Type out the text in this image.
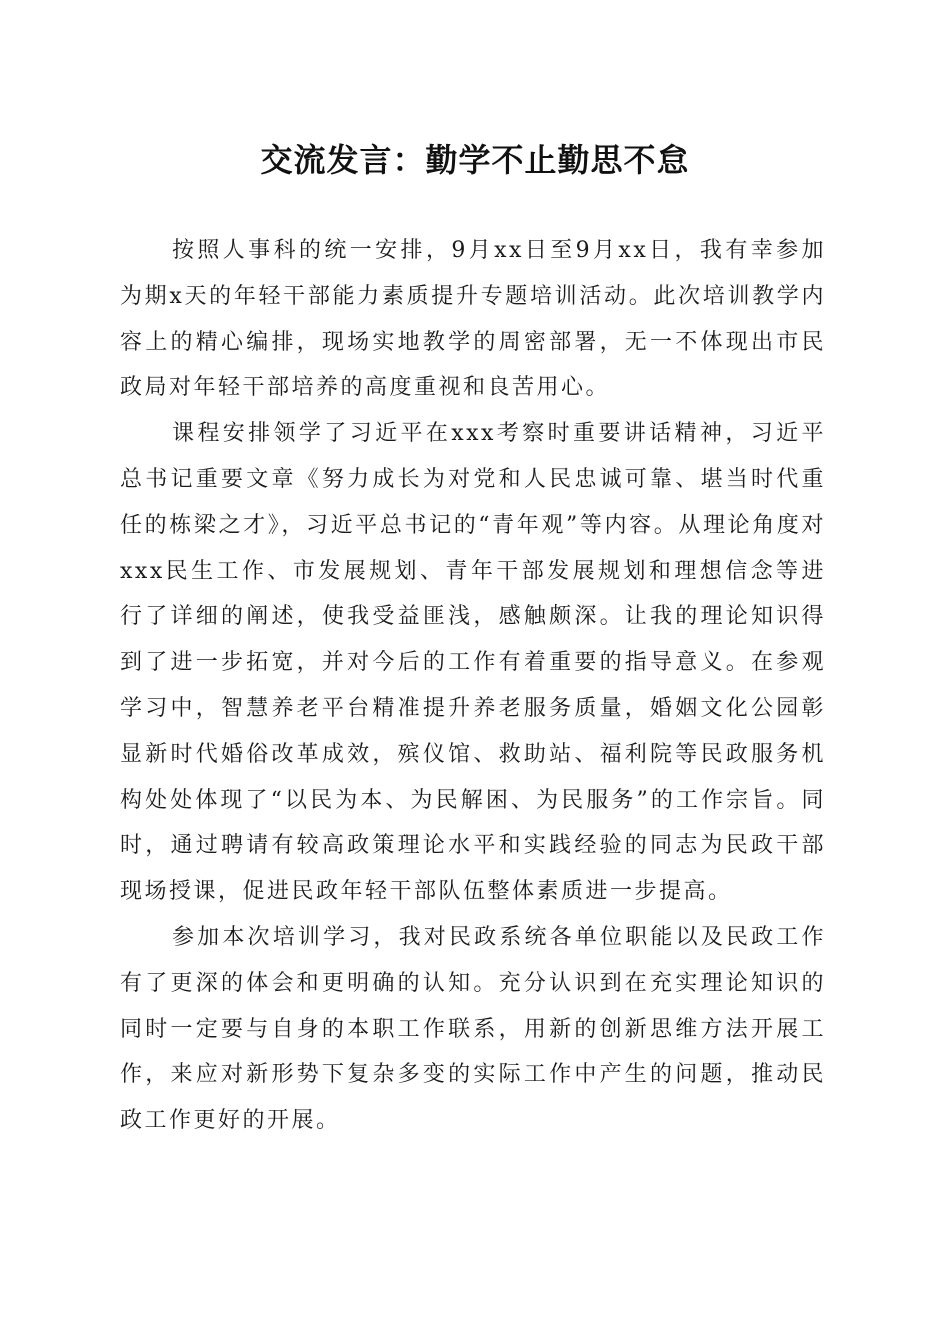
交流发言：勤学不止勤思不怠

按照人事科的统一安排，9月xx日至9月xx日，我有幸参加为期x天的年轻干部能力素质提升专题培训活动。此次培训教学内容上的精心编排，现场实地教学的周密部署，无一不体现出市民政局对年轻干部培养的高度重视和良苦用心。

课程安排领学了习近平在xxx考察时重要讲话精神，习近平总书记重要文章《努力成长为对党和人民忠诚可靠、堪当时代重任的栋梁之才》，习近平总书记的“青年观”等内容。从理论角度对xxx民生工作、市发展规划、青年干部发展规划和理想信念等进行了详细的阐述，使我受益匪浅，感触颇深。让我的理论知识得到了进一步拓宽，并对今后的工作有着重要的指导意义。在参观学习中，智慧养老平台精准提升养老服务质量，婚姻文化公园彰显新时代婚俗改革成效，殡仪馆、救助站、福利院等民政服务机构处处体现了“以民为本、为民解困、为民服务”的工作宗旨。同时，通过聘请有较高政策理论水平和实践经验的同志为民政干部现场授课，促进民政年轻干部队伍整体素质进一步提高。

参加本次培训学习，我对民政系统各单位职能以及民政工作有了更深的体会和更明确的认知。充分认识到在充实理论知识的同时一定要与自身的本职工作联系，用新的创新思维方法开展工作，来应对新形势下复杂多变的实际工作中产生的问题，推动民政工作更好的开展。
